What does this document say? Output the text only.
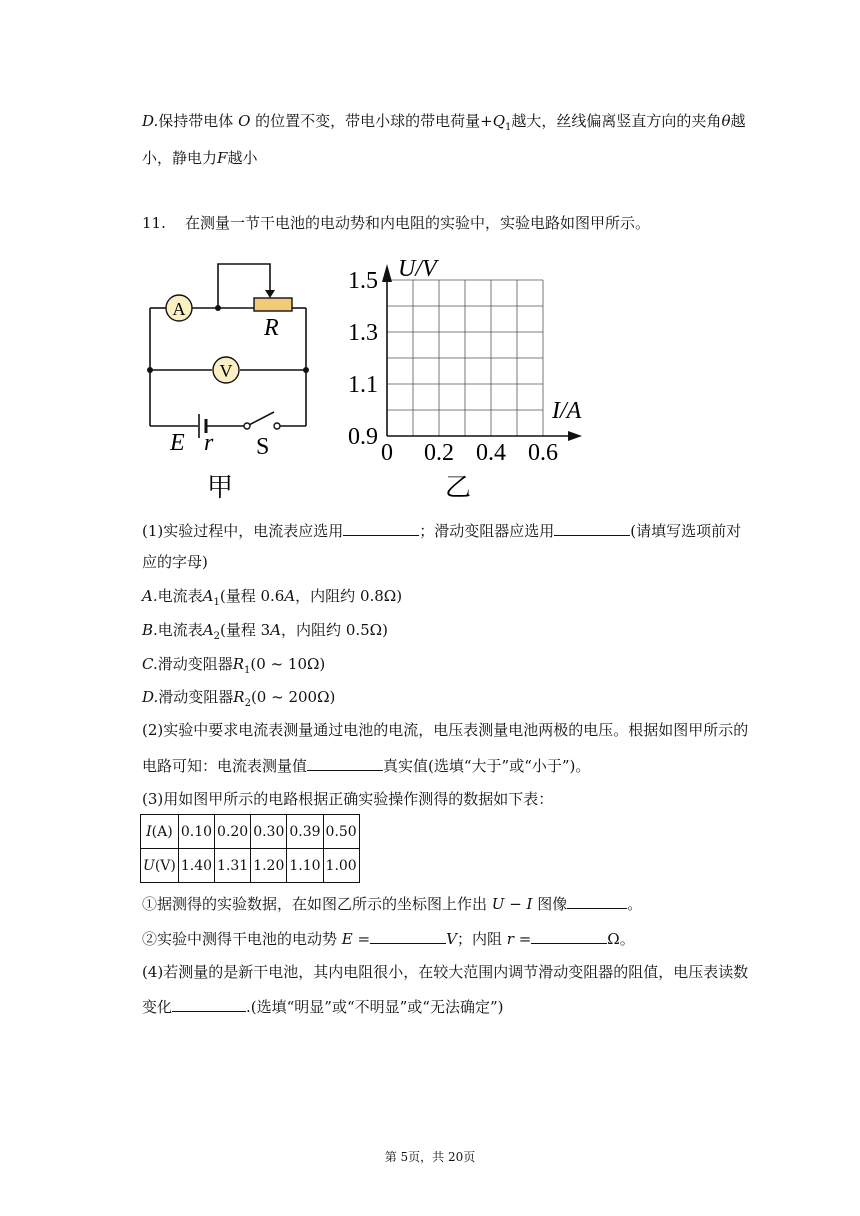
D.保持带电体 O 的位置不变，带电小球的带电荷量$+Q_1$越大，丝线偏离竖直方向的夹角θ越
小，静电力F越小
11. 在测量一节干电池的电动势和内电阻的实验中，实验电路如图甲所示。
A
V
R
E r S
甲
U/V
I/A
1.5
1.3
1.1
0.9
0 0.2 0.4 0.6
乙
(1)实验过程中，电流表应选用	；滑动变阻器应选用	(请填写选项前对
应的字母)
A.电流表$A_1$(量程 0.6A，内阻约 0.8Ω)
B.电流表$A_2$(量程 3A，内阻约 0.5Ω)
C.滑动变阻器$R_1(0$ ~ 10Ω)
D.滑动变阻器$R_2(0$ ~ 200Ω)
(2)实验中要求电流表测量通过电池的电流，电压表测量电池两极的电压。根据如图甲所示的
电路可知：电流表测量值	真实值(选填“大于”或“小于”)。
(3)用如图甲所示的电路根据正确实验操作测得的数据如下表：
I(A)	0.10	0.20	0.30	0.39	0.50
U(V)	1.40	1.31	1.20	1.10	1.00
①据测得的实验数据，在如图乙所示的坐标图上作出 U − I 图像	。
②实验中测得干电池的电动势 E =	V；内阻 r =	Ω。
(4)若测量的是新干电池，其内电阻很小，在较大范围内调节滑动变阻器的阻值，电压表读数
变化	.(选填“明显”或“不明显”或“无法确定”)
第 5页，共 20页
